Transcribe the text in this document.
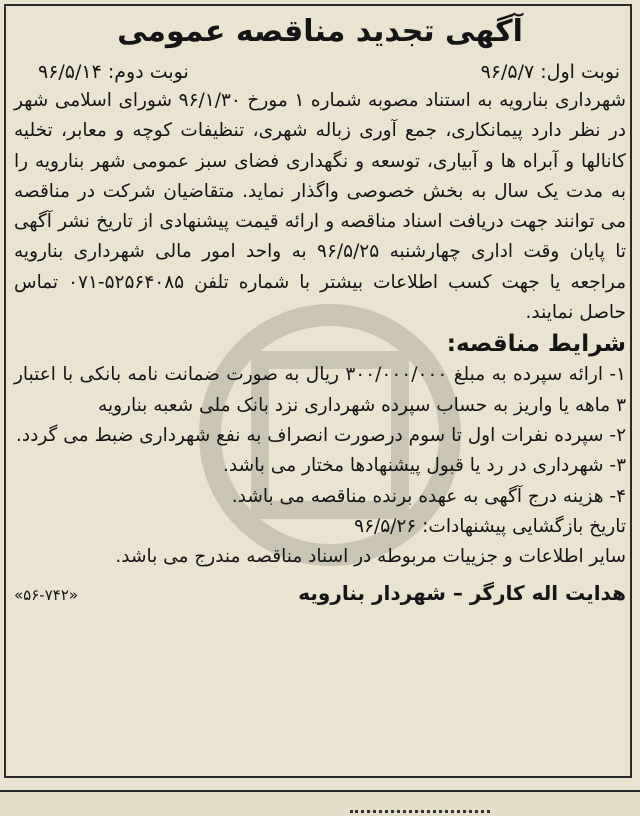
آگهی تجدید مناقصه عمومی
نوبت اول: ۹۶/۵/۷
نوبت دوم: ۹۶/۵/۱۴

شهرداری بنارویه به استناد مصوبه شماره ۱ مورخ ۹۶/۱/۳۰ شورای اسلامی شهر در نظر دارد پیمانکاری، جمع آوری زباله شهری، تنظیفات کوچه و معابر، تخلیه کانالها و آبراه ها و آبیاری، توسعه و نگهداری فضای سبز عمومی شهر بنارویه را به مدت یک سال به بخش خصوصی واگذار نماید. متقاضیان شرکت در مناقصه می توانند جهت دریافت اسناد مناقصه و ارائه قیمت پیشنهادی از تاریخ نشر آگهی تا پایان وقت اداری چهارشنبه ۹۶/۵/۲۵ به واحد امور مالی شهرداری بنارویه مراجعه یا جهت کسب اطلاعات بیشتر با شماره تلفن ۵۲۵۶۴۰۸۵-۰۷۱ تماس حاصل نمایند.

شرایط مناقصه:

۱- ارائه سپرده به مبلغ ۳۰۰/۰۰۰/۰۰۰ ریال به صورت ضمانت نامه بانکی با اعتبار ۳ ماهه یا واریز به حساب سپرده شهرداری نزد بانک ملی شعبه بنارویه

۲- سپرده نفرات اول تا سوم درصورت انصراف به نفع شهرداری ضبط می گردد.

۳- شهرداری در رد یا قبول پیشنهادها مختار می باشد.

۴- هزینه درج آگهی به عهده برنده مناقصه می باشد.

تاریخ بازگشایی پیشنهادات: ۹۶/۵/۲۶

سایر اطلاعات و جزییات مربوطه در اسناد مناقصه مندرج می باشد.

هدایت اله کارگر – شهردار بنارویه
«۵۶-۷۴۲»
